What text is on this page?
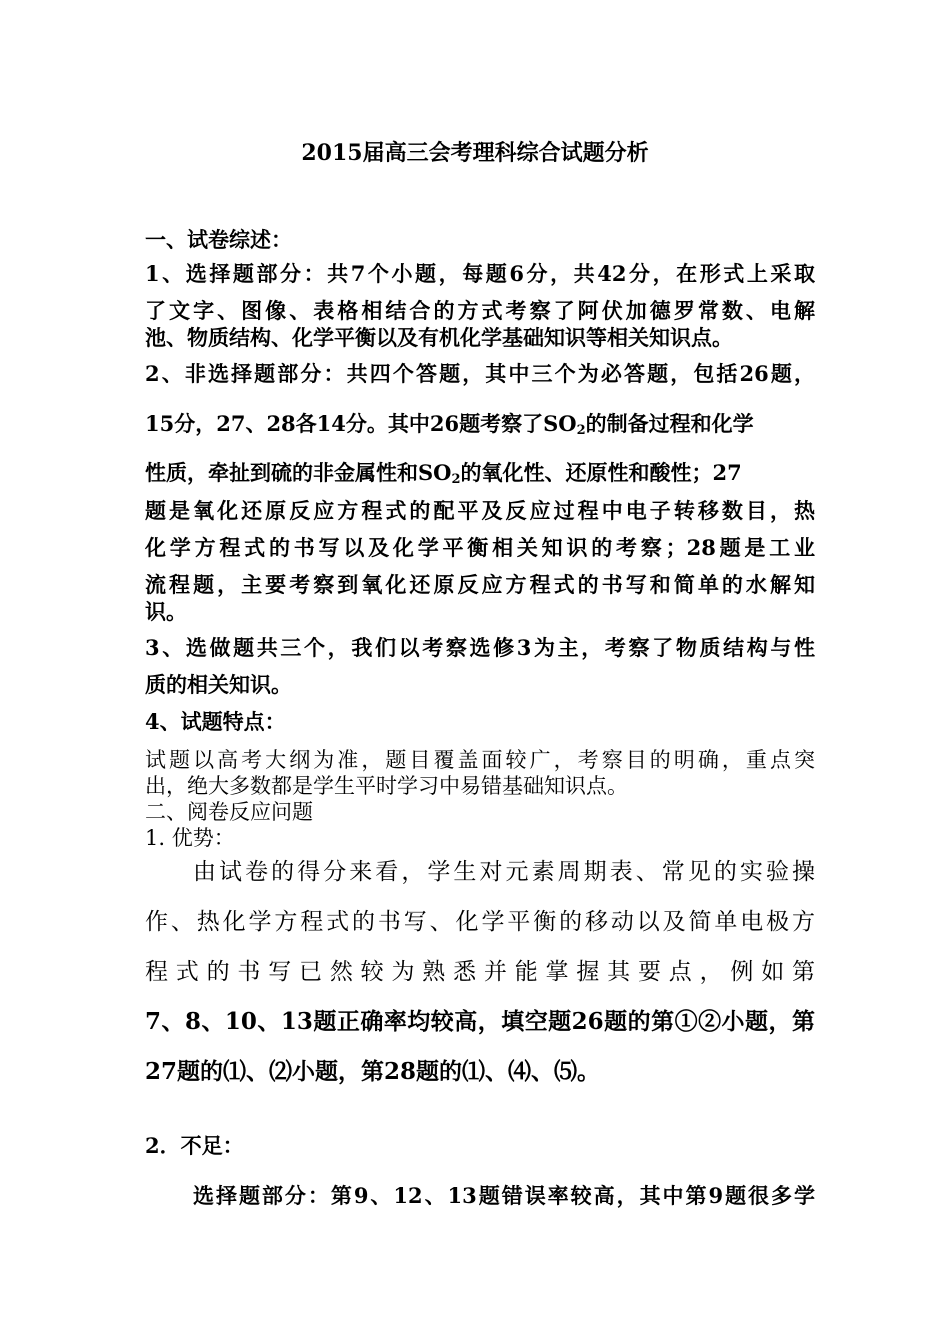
2015届高三会考理科综合试题分析
一、试卷综述：
1、选择题部分：共7个小题，每题6分，共42分，在形式上采取
了文字、图像、表格相结合的方式考察了阿伏加德罗常数、电解
池、物质结构、化学平衡以及有机化学基础知识等相关知识点。
2、非选择题部分：共四个答题，其中三个为必答题，包括26题，
15分，27、28各14分。其中26题考察了$SO_2$的制备过程和化学
性质，牵扯到硫的非金属性和$SO_2$的氧化性、还原性和酸性；27
题是氧化还原反应方程式的配平及反应过程中电子转移数目，热
化学方程式的书写以及化学平衡相关知识的考察；28题是工业
流程题，主要考察到氧化还原反应方程式的书写和简单的水解知
识。
3、选做题共三个，我们以考察选修3为主，考察了物质结构与性
质的相关知识。
4、试题特点：
试题以高考大纲为准，题目覆盖面较广，考察目的明确，重点突
出，绝大多数都是学生平时学习中易错基础知识点。
二、阅卷反应问题
1. 优势：
由试卷的得分来看，学生对元素周期表、常见的实验操
作、热化学方程式的书写、化学平衡的移动以及简单电极方
程式的书写已然较为熟悉并能掌握其要点，例如第
7、8、10、13题正确率均较高，填空题26题的第①②小题，第
27题的⑴、⑵小题，第28题的⑴、⑷、⑸。
2．不足：
选择题部分：第9、12、13题错误率较高，其中第9题很多学
